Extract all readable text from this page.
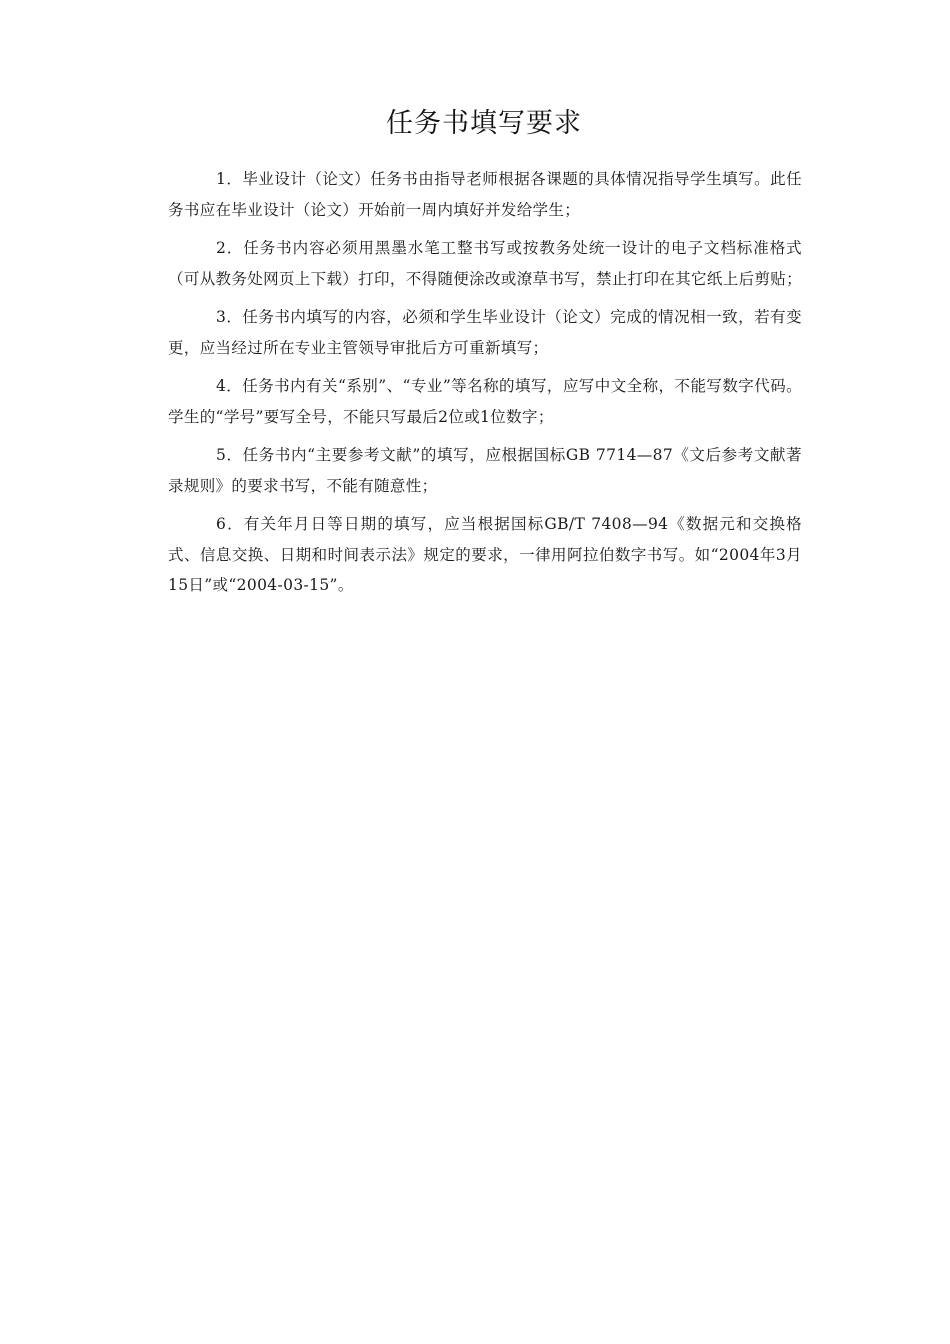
任务书填写要求
1．毕业设计（论文）任务书由指导老师根据各课题的具体情况指导学生填写。此任务书应在毕业设计（论文）开始前一周内填好并发给学生；
2．任务书内容必须用黑墨水笔工整书写或按教务处统一设计的电子文档标准格式（可从教务处网页上下载）打印，不得随便涂改或潦草书写，禁止打印在其它纸上后剪贴；
3．任务书内填写的内容，必须和学生毕业设计（论文）完成的情况相一致，若有变更，应当经过所在专业主管领导审批后方可重新填写；
4．任务书内有关“系别”、“专业”等名称的填写，应写中文全称，不能写数字代码。学生的“学号”要写全号，不能只写最后2位或1位数字；
5．任务书内“主要参考文献”的填写，应根据国标GB 7714—87《文后参考文献著录规则》的要求书写，不能有随意性；
6．有关年月日等日期的填写，应当根据国标GB/T 7408—94《数据元和交换格式、信息交换、日期和时间表示法》规定的要求，一律用阿拉伯数字书写。如“2004年3月15日”或“2004-03-15”。
